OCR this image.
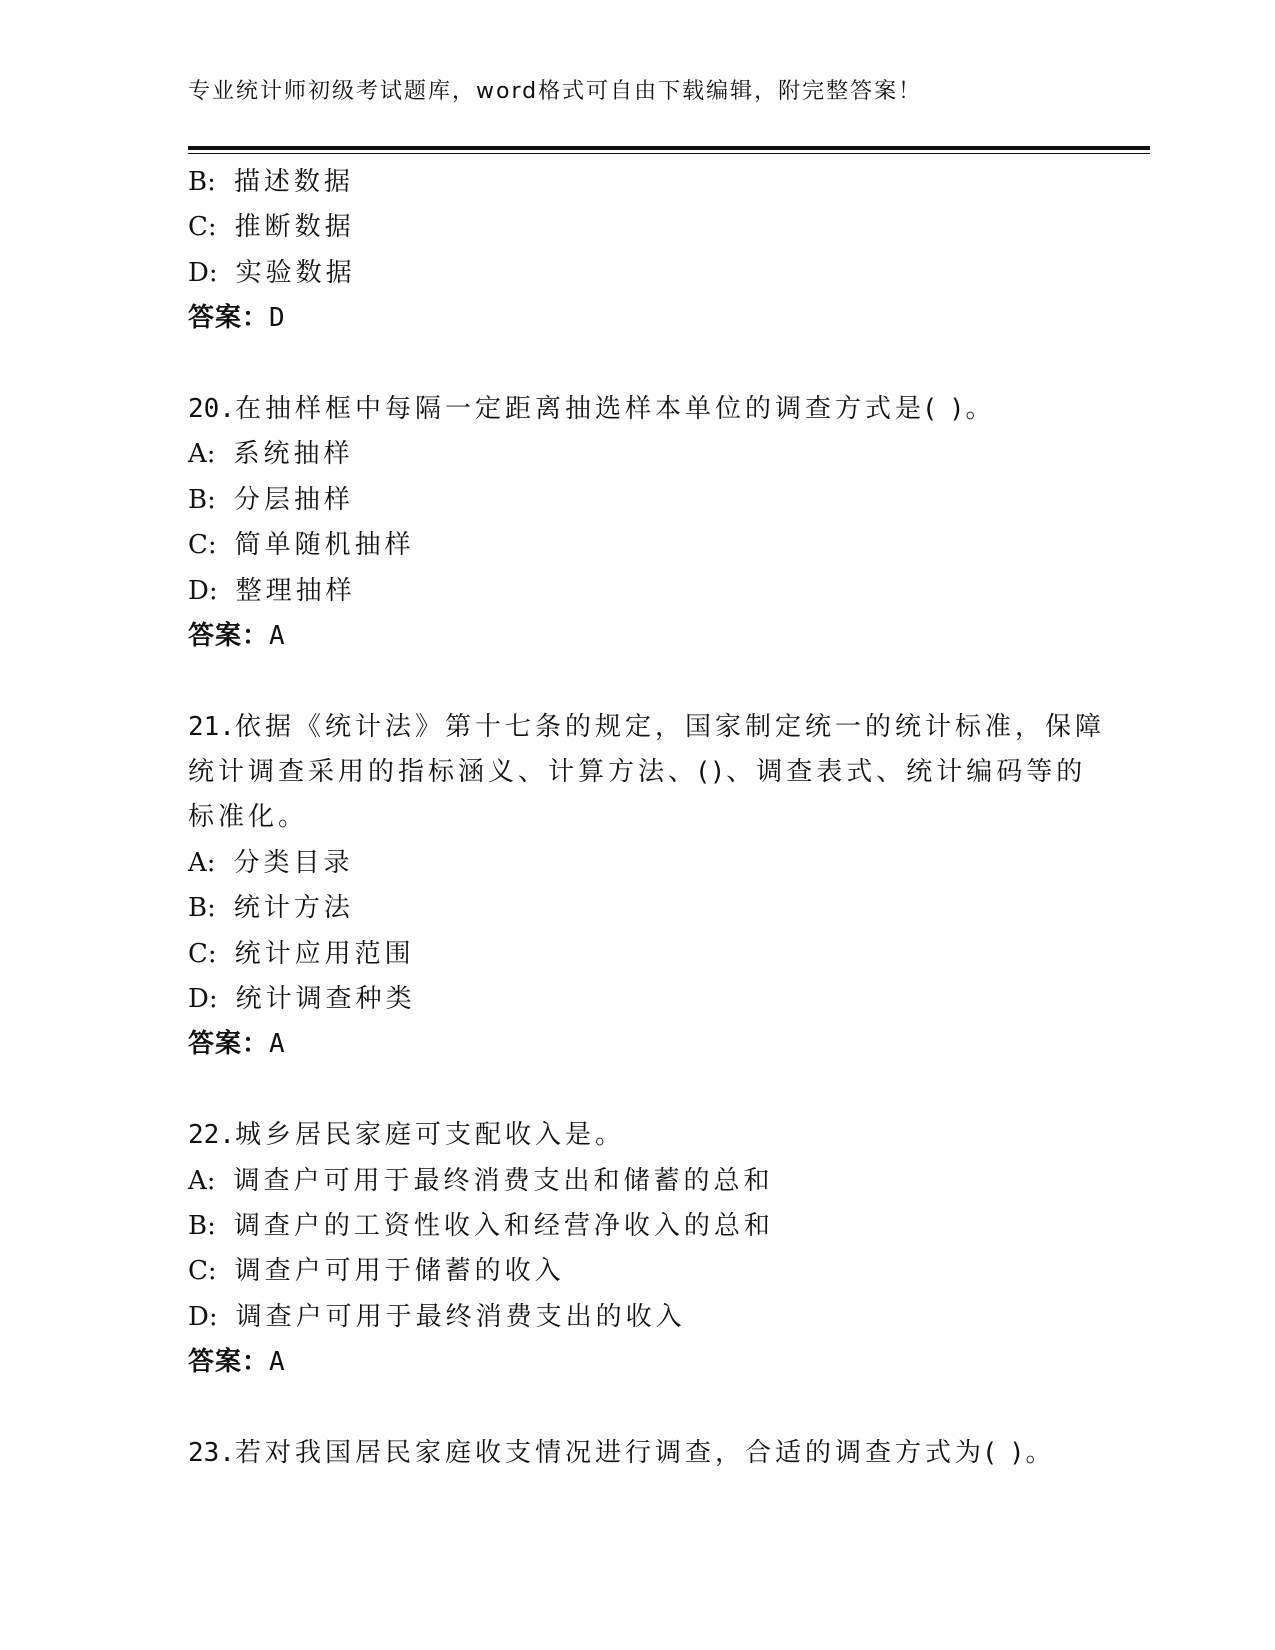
专业统计师初级考试题库，word格式可自由下载编辑，附完整答案！
B: 描述数据
C: 推断数据
D: 实验数据
答案：D
20.在抽样框中每隔一定距离抽选样本单位的调查方式是( )。
A: 系统抽样
B: 分层抽样
C: 简单随机抽样
D: 整理抽样
答案：A
21.依据《统计法》第十七条的规定，国家制定统一的统计标准，保障
统计调查采用的指标涵义、计算方法、()、调查表式、统计编码等的
标准化。
A: 分类目录
B: 统计方法
C: 统计应用范围
D: 统计调查种类
答案：A
22.城乡居民家庭可支配收入是。
A: 调查户可用于最终消费支出和储蓄的总和
B: 调查户的工资性收入和经营净收入的总和
C: 调查户可用于储蓄的收入
D: 调查户可用于最终消费支出的收入
答案：A
23.若对我国居民家庭收支情况进行调查，合适的调查方式为( )。
